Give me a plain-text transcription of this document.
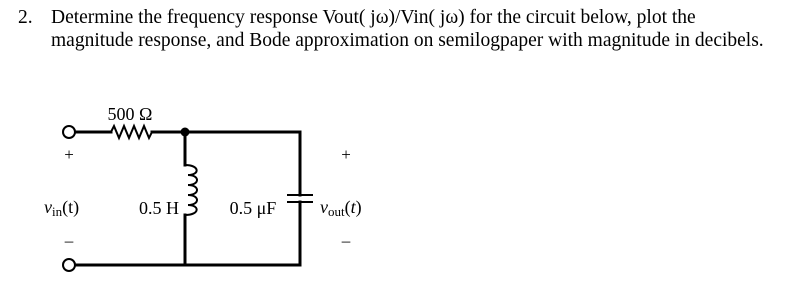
2. Determine the frequency response Vout( jω)/Vin( jω) for the circuit below, plot the
magnitude response, and Bode approximation on semilogpaper with magnitude in decibels.
500 Ω
0.5 H	0.5 μF
+
vin(t)
–
+
vout(t)
–
